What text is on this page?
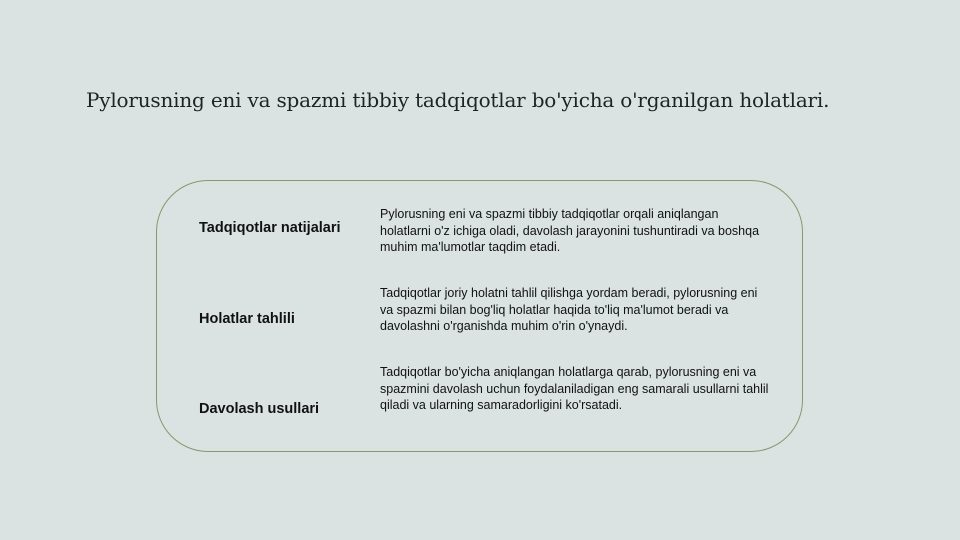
Pylorusning eni va spazmi tibbiy tadqiqotlar bo'yicha o'rganilgan holatlari.
Tadqiqotlar natijalari
Pylorusning eni va spazmi tibbiy tadqiqotlar orqali aniqlangan holatlarni o'z ichiga oladi, davolash jarayonini tushuntiradi va boshqa muhim ma'lumotlar taqdim etadi.
Holatlar tahlili
Tadqiqotlar joriy holatni tahlil qilishga yordam beradi, pylorusning eni va spazmi bilan bog'liq holatlar haqida to'liq ma'lumot beradi va davolashni o'rganishda muhim o'rin o'ynaydi.
Davolash usullari
Tadqiqotlar bo'yicha aniqlangan holatlarga qarab, pylorusning eni va spazmini davolash uchun foydalaniladigan eng samarali usullarni tahlil qiladi va ularning samaradorligini ko'rsatadi.
